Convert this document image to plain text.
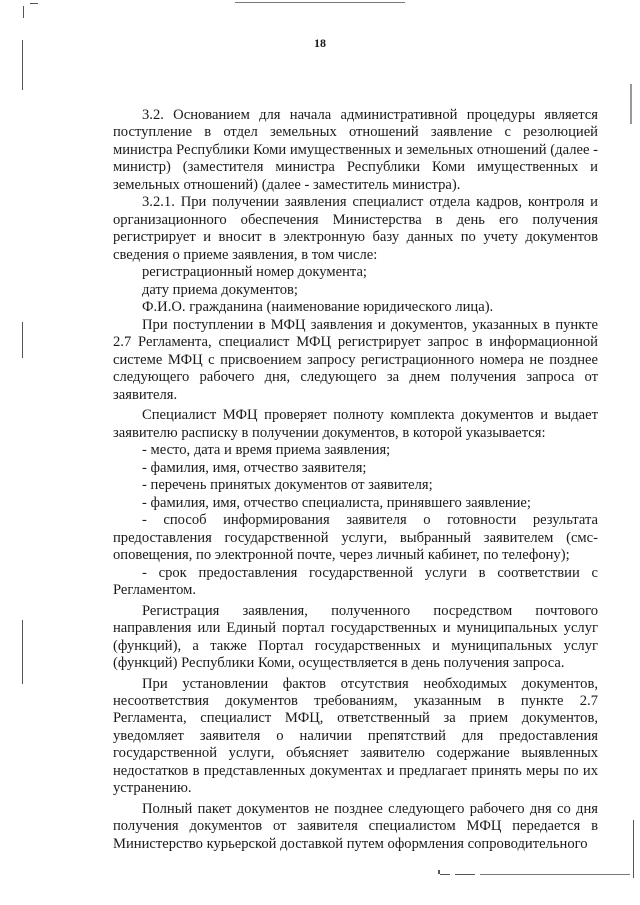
18

3.2. Основанием для начала административной процедуры является поступление в отдел земельных отношений заявление с резолюцией министра Республики Коми имущественных и земельных отношений (далее - министр) (заместителя министра Республики Коми имущественных и земельных отношений) (далее - заместитель министра).

3.2.1. При получении заявления специалист отдела кадров, контроля и организационного обеспечения Министерства в день его получения регистрирует и вносит в электронную базу данных по учету документов сведения о приеме заявления, в том числе:

регистрационный номер документа;

дату приема документов;

Ф.И.О. гражданина (наименование юридического лица).

При поступлении в МФЦ заявления и документов, указанных в пункте 2.7 Регламента, специалист МФЦ регистрирует запрос в информационной системе МФЦ с присвоением запросу регистрационного номера не позднее следующего рабочего дня, следующего за днем получения запроса от заявителя.

Специалист МФЦ проверяет полноту комплекта документов и выдает заявителю расписку в получении документов, в которой указывается:

- место, дата и время приема заявления;

- фамилия, имя, отчество заявителя;

- перечень принятых документов от заявителя;

- фамилия, имя, отчество специалиста, принявшего заявление;

- способ информирования заявителя о готовности результата предоставления государственной услуги, выбранный заявителем (смс-оповещения, по электронной почте, через личный кабинет, по телефону);

- срок предоставления государственной услуги в соответствии с Регламентом.

Регистрация заявления, полученного посредством почтового направления или Единый портал государственных и муниципальных услуг (функций), а также Портал государственных и муниципальных услуг (функций) Республики Коми, осуществляется в день получения запроса.

При установлении фактов отсутствия необходимых документов, несоответствия документов требованиям, указанным в пункте 2.7 Регламента, специалист МФЦ, ответственный за прием документов, уведомляет заявителя о наличии препятствий для предоставления государственной услуги, объясняет заявителю содержание выявленных недостатков в представленных документах и предлагает принять меры по их устранению.

Полный пакет документов не позднее следующего рабочего дня со дня получения документов от заявителя специалистом МФЦ передается в Министерство курьерской доставкой путем оформления сопроводительного
